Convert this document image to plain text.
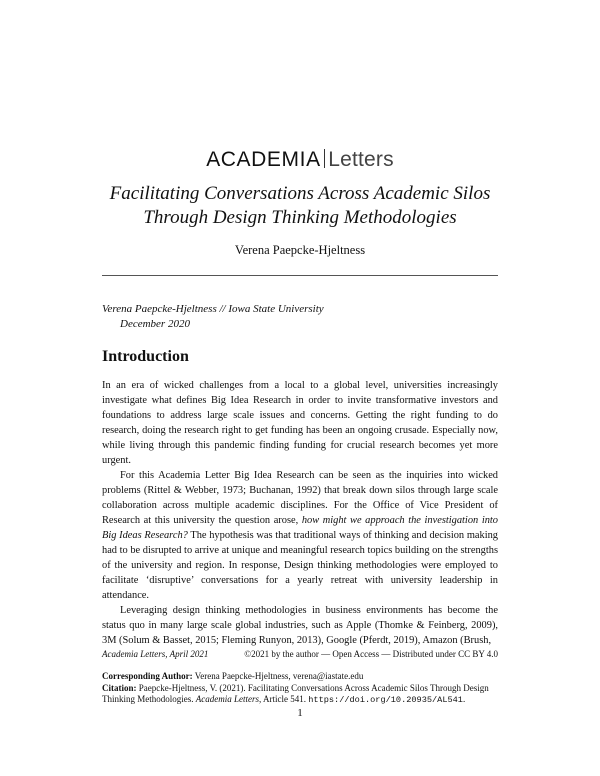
ACADEMIA Letters
Facilitating Conversations Across Academic Silos
Through Design Thinking Methodologies
Verena Paepcke-Hjeltness
Verena Paepcke-Hjeltness // Iowa State University
December 2020
Introduction

In an era of wicked challenges from a local to a global level, universities increasingly investigate what defines Big Idea Research in order to invite transformative investors and foundations to address large scale issues and concerns. Getting the right funding to do research, doing the research right to get funding has been an ongoing crusade. Especially now, while living through this pandemic finding funding for crucial research becomes yet more urgent.

For this Academia Letter Big Idea Research can be seen as the inquiries into wicked problems (Rittel & Webber, 1973; Buchanan, 1992) that break down silos through large scale collaboration across multiple academic disciplines. For the Office of Vice President of Research at this university the question arose, how might we approach the investigation into Big Ideas Research? The hypothesis was that traditional ways of thinking and decision making had to be disrupted to arrive at unique and meaningful research topics building on the strengths of the university and region. In response, Design thinking methodologies were employed to facilitate ‘disruptive’ conversations for a yearly retreat with university leadership in attendance.

Leveraging design thinking methodologies in business environments has become the status quo in many large scale global industries, such as Apple (Thomke & Feinberg, 2009), 3M (Solum & Basset, 2015; Fleming Runyon, 2013), Google (Pferdt, 2019), Amazon (Brush,

Academia Letters, April 2021	©2021 by the author — Open Access — Distributed under CC BY 4.0
Corresponding Author: Verena Paepcke-Hjeltness, verena@iastate.edu
Citation: Paepcke-Hjeltness, V. (2021). Facilitating Conversations Across Academic Silos Through Design Thinking Methodologies. Academia Letters, Article 541. https://doi.org/10.20935/AL541.
1
